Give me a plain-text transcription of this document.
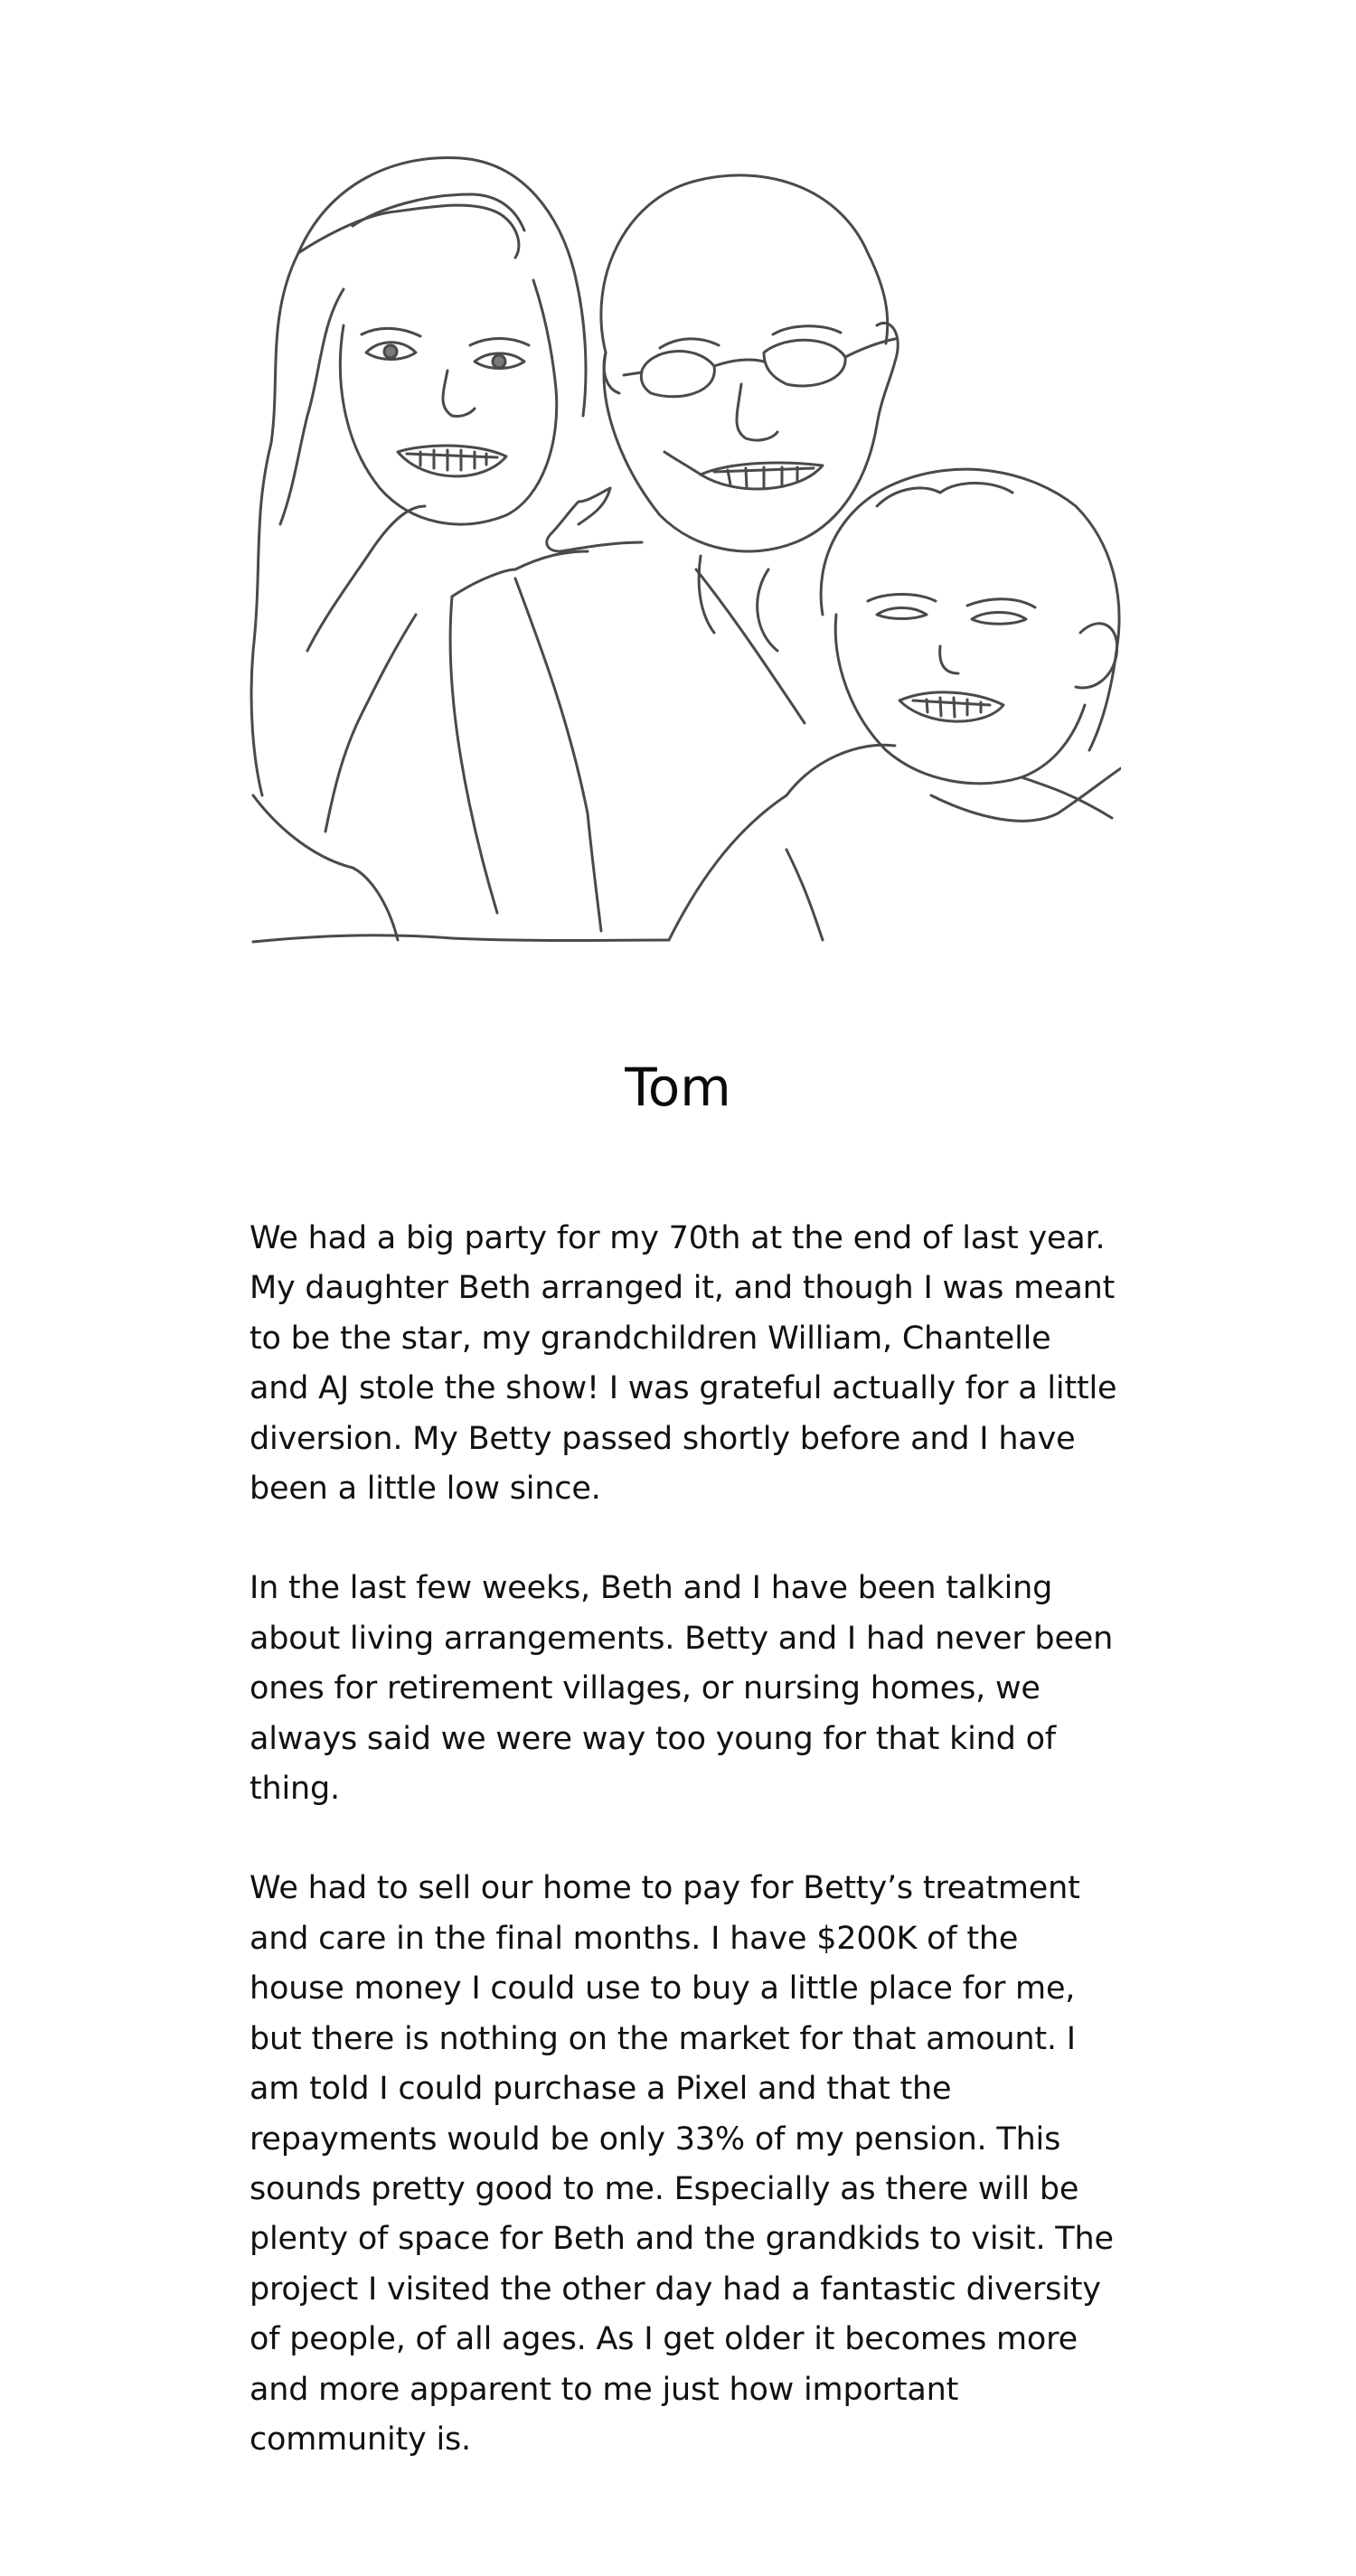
Tom

We had a big party for my 70th at the end of last year. My daughter Beth arranged it, and though I was meant to be the star, my grandchildren William, Chantelle and AJ stole the show! I was grateful actually for a little diversion. My Betty passed shortly before and I have been a little low since.

In the last few weeks, Beth and I have been talking about living arrangements. Betty and I had never been ones for retirement villages, or nursing homes, we always said we were way too young for that kind of thing.

We had to sell our home to pay for Betty’s treatment and care in the final months. I have $200K of the house money I could use to buy a little place for me, but there is nothing on the market for that amount. I am told I could purchase a Pixel and that the repayments would be only 33% of my pension. This sounds pretty good to me. Especially as there will be plenty of space for Beth and the grandkids to visit. The project I visited the other day had a fantastic diversity of people, of all ages. As I get older it becomes more and more apparent to me just how important community is.
